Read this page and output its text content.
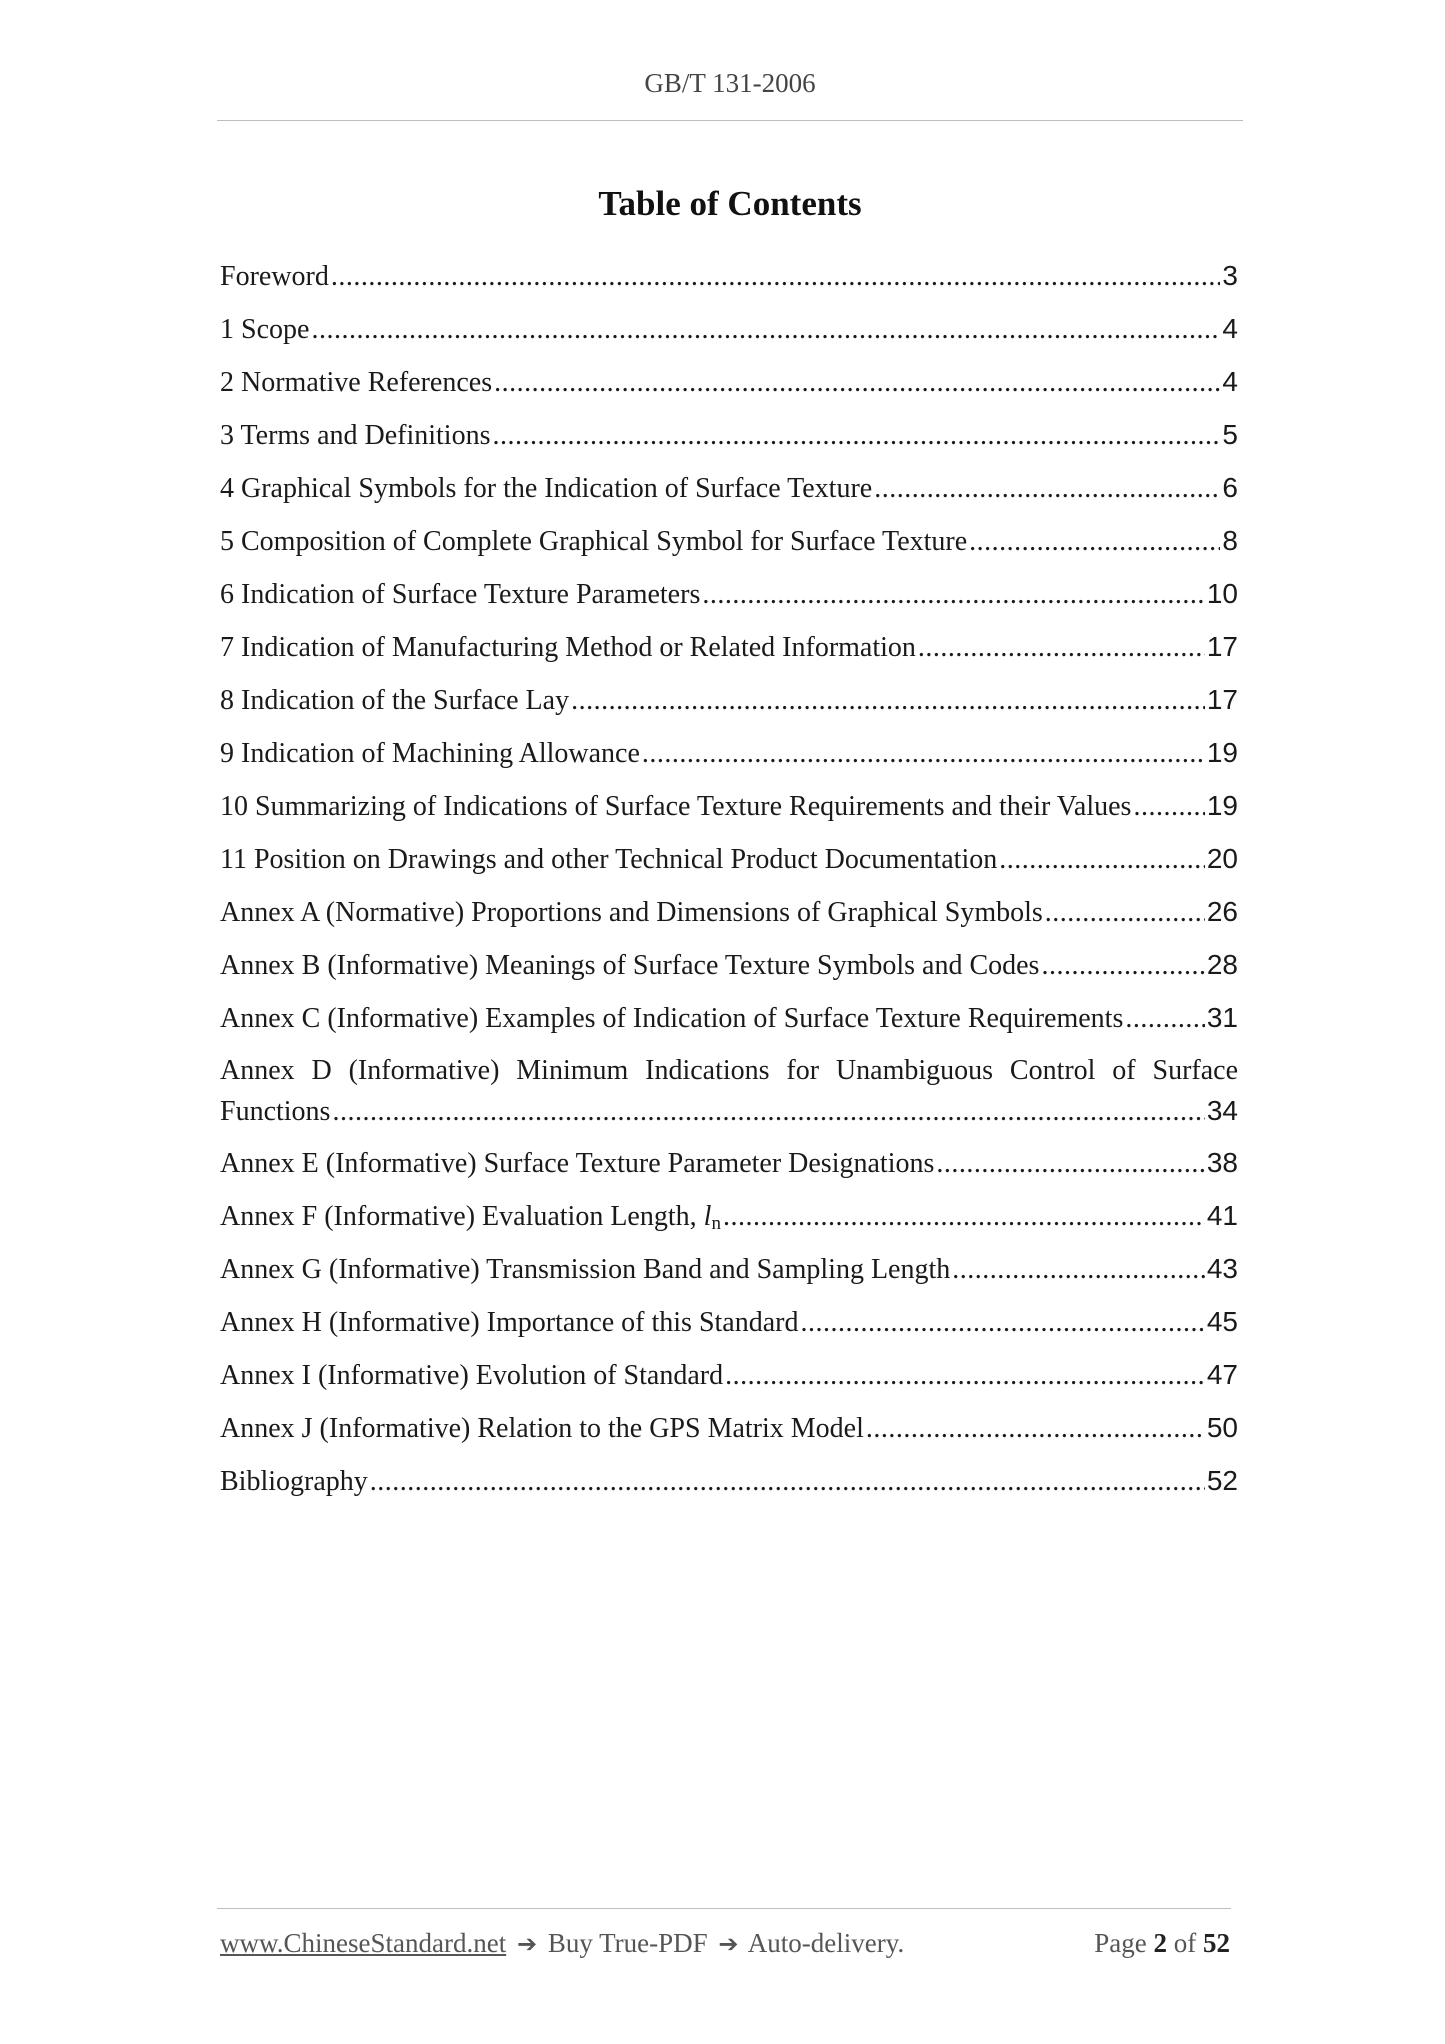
GB/T 131-2006
Table of Contents
Foreword .....	3
1 Scope .....	4
2 Normative References .....	4
3 Terms and Definitions .....	5
4 Graphical Symbols for the Indication of Surface Texture .....	6
5 Composition of Complete Graphical Symbol for Surface Texture .....	8
6 Indication of Surface Texture Parameters .....	10
7 Indication of Manufacturing Method or Related Information .....	17
8 Indication of the Surface Lay .....	17
9 Indication of Machining Allowance .....	19
10 Summarizing of Indications of Surface Texture Requirements and their Values .....	19
11 Position on Drawings and other Technical Product Documentation .....	20
Annex A (Normative) Proportions and Dimensions of Graphical Symbols .....	26
Annex B (Informative) Meanings of Surface Texture Symbols and Codes .....	28
Annex C (Informative) Examples of Indication of Surface Texture Requirements .....	31
Annex D (Informative) Minimum Indications for Unambiguous Control of Surface
Functions .....	34
Annex E (Informative) Surface Texture Parameter Designations .....	38
Annex F (Informative) Evaluation Length, $l_n$ .....	41
Annex G (Informative) Transmission Band and Sampling Length .....	43
Annex H (Informative) Importance of this Standard .....	45
Annex I (Informative) Evolution of Standard .....	47
Annex J (Informative) Relation to the GPS Matrix Model .....	50
Bibliography .....	52
www.ChineseStandard.net ➔ Buy True-PDF ➔ Auto-delivery.	Page 2 of 52
